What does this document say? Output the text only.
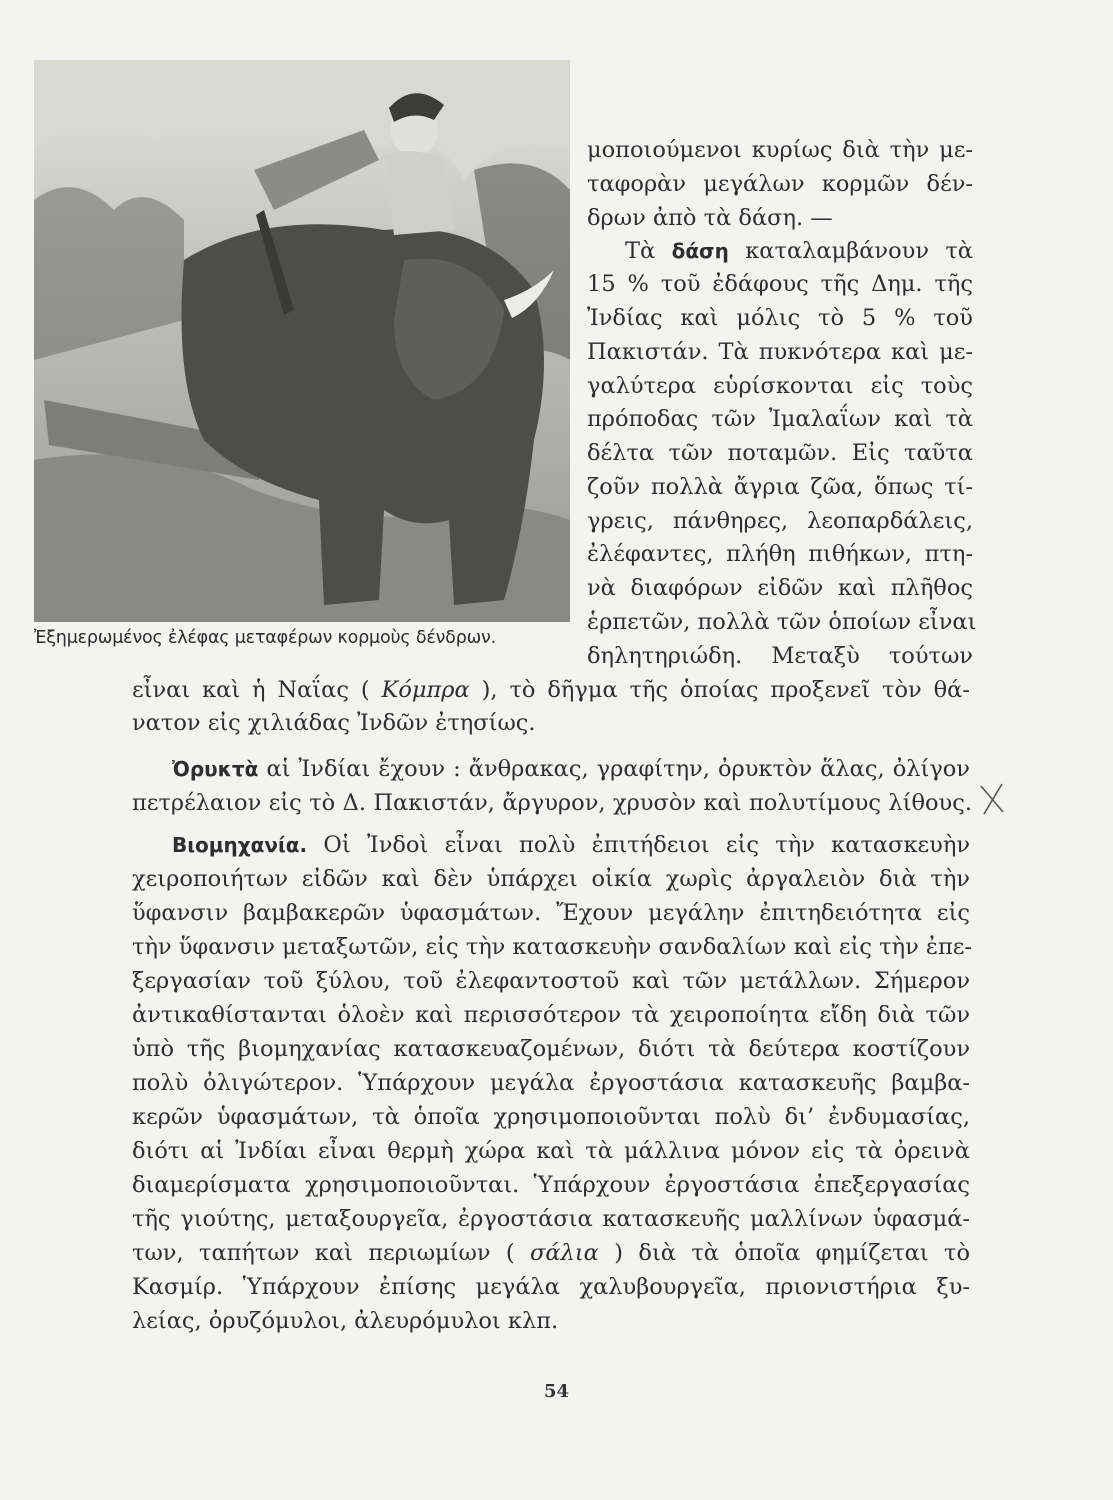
Ἐξημερωμένος ἐλέφας μεταφέρων κορμοὺς δένδρων.
μοποιούμενοι κυρίως διὰ τὴν με-
ταφορὰν μεγάλων κορμῶν δέν-
δρων ἀπὸ τὰ δάση. —
Τὰ δάση καταλαμβάνουν τὰ
15 % τοῦ ἐδάφους τῆς Δημ. τῆς
Ἰνδίας καὶ μόλις τὸ 5 % τοῦ
Πακιστάν. Τὰ πυκνότερα καὶ με-
γαλύτερα εὑρίσκονται εἰς τοὺς
πρόποδας τῶν Ἰμαλαΐων καὶ τὰ
δέλτα τῶν ποταμῶν. Εἰς ταῦτα
ζοῦν πολλὰ ἄγρια ζῶα, ὅπως τί-
γρεις, πάνθηρες, λεοπαρδάλεις,
ἐλέφαντες, πλήθη πιθήκων, πτη-
νὰ διαφόρων εἰδῶν καὶ πλῆθος
ἑρπετῶν, πολλὰ τῶν ὁποίων εἶναι
δηλητηριώδη. Μεταξὺ τούτων
εἶναι καὶ ἡ Ναΐας ( Κόμπρα ), τὸ δῆγμα τῆς ὁποίας προξενεῖ τὸν θά-
νατον εἰς χιλιάδας Ἰνδῶν ἐτησίως.
Ὀρυκτὰ αἱ Ἰνδίαι ἔχουν : ἄνθρακας, γραφίτην, ὀρυκτὸν ἅλας, ὀλίγον
πετρέλαιον εἰς τὸ Δ. Πακιστάν, ἄργυρον, χρυσὸν καὶ πολυτίμους λίθους.
Βιομηχανία. Οἱ Ἰνδοὶ εἶναι πολὺ ἐπιτήδειοι εἰς τὴν κατασκευὴν
χειροποιήτων εἰδῶν καὶ δὲν ὑπάρχει οἰκία χωρὶς ἀργαλειὸν διὰ τὴν
ὕφανσιν βαμβακερῶν ὑφασμάτων. Ἔχουν μεγάλην ἐπιτηδειότητα εἰς
τὴν ὕφανσιν μεταξωτῶν, εἰς τὴν κατασκευὴν σανδαλίων καὶ εἰς τὴν ἐπε-
ξεργασίαν τοῦ ξύλου, τοῦ ἐλεφαντοστοῦ καὶ τῶν μετάλλων. Σήμερον
ἀντικαθίστανται ὁλοὲν καὶ περισσότερον τὰ χειροποίητα εἴδη διὰ τῶν
ὑπὸ τῆς βιομηχανίας κατασκευαζομένων, διότι τὰ δεύτερα κοστίζουν
πολὺ ὀλιγώτερον. Ὑπάρχουν μεγάλα ἐργοστάσια κατασκευῆς βαμβα-
κερῶν ὑφασμάτων, τὰ ὁποῖα χρησιμοποιοῦνται πολὺ δι’ ἐνδυμασίας,
διότι αἱ Ἰνδίαι εἶναι θερμὴ χώρα καὶ τὰ μάλλινα μόνον εἰς τὰ ὀρεινὰ
διαμερίσματα χρησιμοποιοῦνται. Ὑπάρχουν ἐργοστάσια ἐπεξεργασίας
τῆς γιούτης, μεταξουργεῖα, ἐργοστάσια κατασκευῆς μαλλίνων ὑφασμά-
των, ταπήτων καὶ περιωμίων ( σάλια ) διὰ τὰ ὁποῖα φημίζεται τὸ
Κασμίρ. Ὑπάρχουν ἐπίσης μεγάλα χαλυβουργεῖα, πριονιστήρια ξυ-
λείας, ὀρυζόμυλοι, ἀλευρόμυλοι κλπ.
54
